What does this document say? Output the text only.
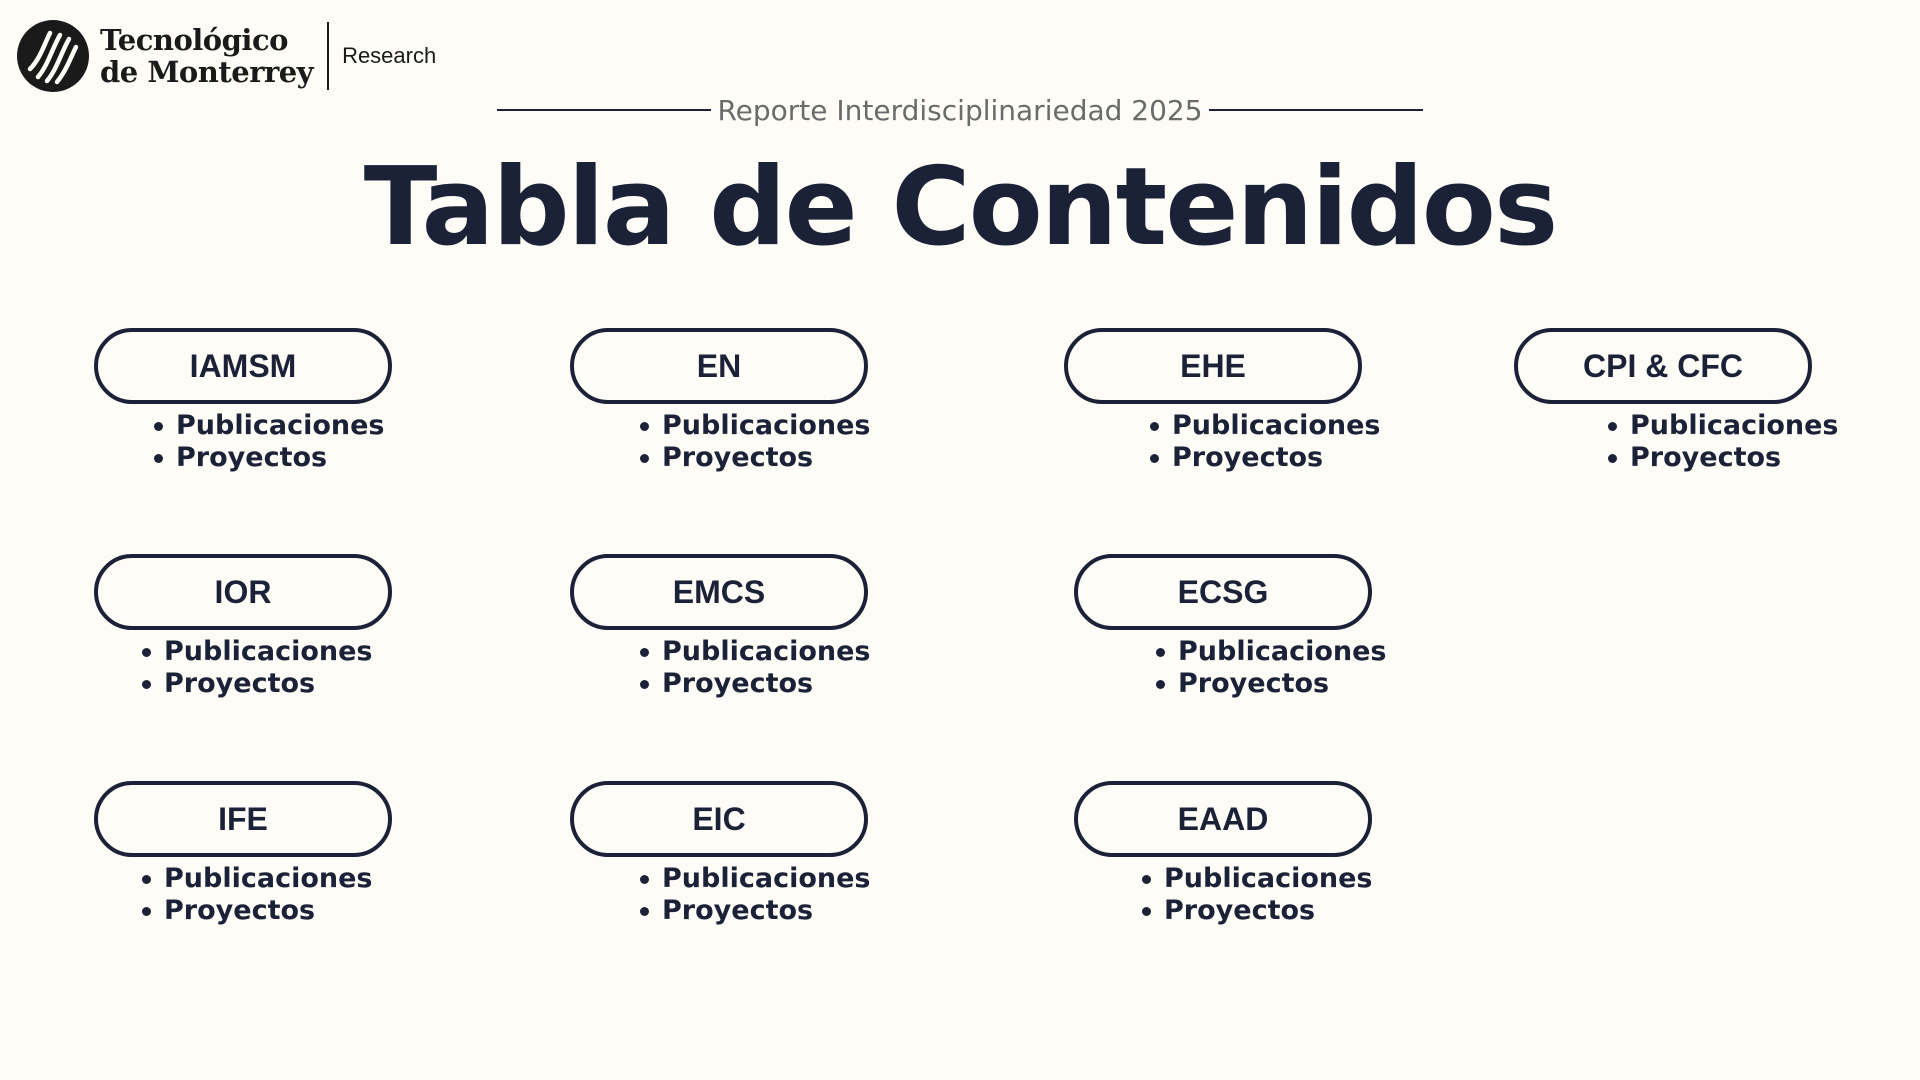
Tecnológico
de Monterrey Research
Reporte Interdisciplinariedad 2025
Tabla de Contenidos
IAMSM
Publicaciones
Proyectos
EN
Publicaciones
Proyectos
EHE
Publicaciones
Proyectos
CPI & CFC
Publicaciones
Proyectos
IOR
Publicaciones
Proyectos
EMCS
Publicaciones
Proyectos
ECSG
Publicaciones
Proyectos
IFE
Publicaciones
Proyectos
EIC
Publicaciones
Proyectos
EAAD
Publicaciones
Proyectos
